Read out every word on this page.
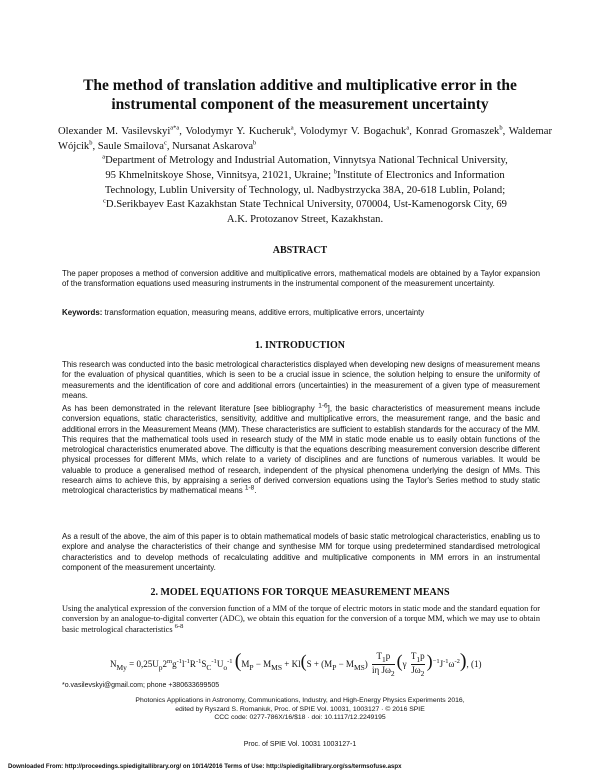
The method of translation additive and multiplicative error in the
instrumental component of the measurement uncertainty
Olexander M. Vasilevskyi$^{a*a}$, Volodymyr Y. Kucheruk$^a$, Volodymyr V. Bogachuk$^a$, Konrad Gromaszek$^b$, Waldemar Wójcik$^b$, Saule Smailova$^c$, Nursanat Askarova$^b$
$^a$Department of Metrology and Industrial Automation, Vinnytsya National Technical University,
95 Khmelnitskoye Shose, Vinnitsya, 21021, Ukraine; $^b$Institute of Electronics and Information
Technology, Lublin University of Technology, ul. Nadbystrzycka 38A, 20-618 Lublin, Poland;
$^c$D.Serikbayev East Kazakhstan State Technical University, 070004, Ust-Kamenogorsk City, 69
A.K. Protozanov Street, Kazakhstan.
ABSTRACT
The paper proposes a method of conversion additive and multiplicative errors, mathematical models are obtained by a Taylor expansion of the transformation equations used measuring instruments in the instrumental component of the measurement uncertainty.
Keywords: transformation equation, measuring means, additive errors, multiplicative errors, uncertainty
1. INTRODUCTION
This research was conducted into the basic metrological characteristics displayed when developing new designs of measurement means for the evaluation of physical quantities, which is seen to be a crucial issue in science, the solution helping to ensure the uniformity of measurements and the identification of core and additional errors (uncertainties) in the measurement of a given type of measurement means.
As has been demonstrated in the relevant literature [see bibliography $^{1-6}$], the basic characteristics of measurement means include conversion equations, static characteristics, sensitivity, additive and multiplicative errors, the measurement range, and the basic and additional errors in the Measurement Means (MM). These characteristics are sufficient to establish standards for the accuracy of the MM. This requires that the mathematical tools used in research study of the MM in static mode enable us to easily obtain functions of the metrological characteristics enumerated above. The difficulty is that the equations describing measurement conversion describe different physical processes for different MMs, which relate to a variety of disciplines and are functions of numerous variables. It would be valuable to produce a generalised method of research, independent of the physical phenomena underlying the design of MMs. This research aims to achieve this, by appraising a series of derived conversion equations using the Taylor's Series method to study static metrological characteristics by mathematical means $^{1-8}$.
As a result of the above, the aim of this paper is to obtain mathematical models of basic static metrological characteristics, enabling us to explore and analyse the characteristics of their change and synthesise MM for torque using predetermined standardised metrological characteristics and to develop methods of recalculating additive and multiplicative components in MM errors in an instrumental component of the measurement uncertainty.
2. MODEL EQUATIONS FOR TORQUE MEASUREMENT MEANS
Using the analytical expression of the conversion function of a MM of the torque of electric motors in static mode and the standard equation for conversion by an analogue-to-digital converter (ADC), we obtain this equation for the conversion of a torque MM, which we may use to obtain basic metrological characteristics $^{6-8}$
$N_{My} = 0,25U_p2^mg^{-1}l^{-1}R^{-1}S_C^{-1}U_o^{-1}$ ($M_P - M_{MS} + Kl(S + (M_P - M_{MS}) \frac{T_1p}{i\eta J\omega_2} (\gamma \frac{T_1p}{J\omega_2} )^{-1}J^{-1}\omega^{-2})$, (1)
*o.vasilevskyi@gmail.com; phone +380633699505
Photonics Applications in Astronomy, Communications, Industry, and High-Energy Physics Experiments 2016,
edited by Ryszard S. Romaniuk, Proc. of SPIE Vol. 10031, 1003127 · © 2016 SPIE
CCC code: 0277-786X/16/$18 · doi: 10.1117/12.2249195
Proc. of SPIE Vol. 10031 1003127-1
Downloaded From: http://proceedings.spiedigitallibrary.org/ on 10/14/2016 Terms of Use: http://spiedigitallibrary.org/ss/termsofuse.aspx
